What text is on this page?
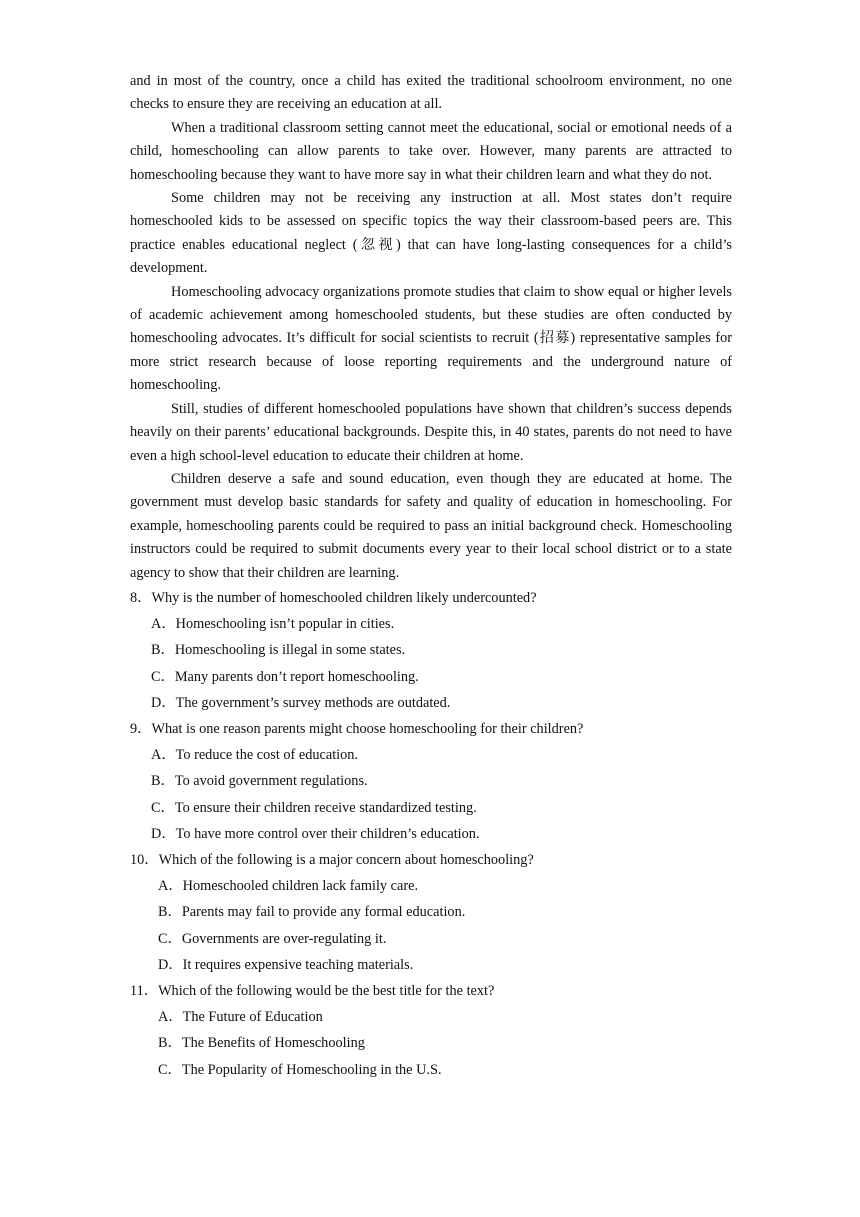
and in most of the country, once a child has exited the traditional schoolroom environment, no one checks to ensure they are receiving an education at all.

When a traditional classroom setting cannot meet the educational, social or emotional needs of a child, homeschooling can allow parents to take over. However, many parents are attracted to homeschooling because they want to have more say in what their children learn and what they do not.

Some children may not be receiving any instruction at all. Most states don’t require homeschooled kids to be assessed on specific topics the way their classroom-based peers are. This practice enables educational neglect (忽视) that can have long-lasting consequences for a child’s development.

Homeschooling advocacy organizations promote studies that claim to show equal or higher levels of academic achievement among homeschooled students, but these studies are often conducted by homeschooling advocates. It’s difficult for social scientists to recruit (招募) representative samples for more strict research because of loose reporting requirements and the underground nature of homeschooling.

Still, studies of different homeschooled populations have shown that children’s success depends heavily on their parents’ educational backgrounds. Despite this, in 40 states, parents do not need to have even a high school-level education to educate their children at home.

Children deserve a safe and sound education, even though they are educated at home. The government must develop basic standards for safety and quality of education in homeschooling. For example, homeschooling parents could be required to pass an initial background check. Homeschooling instructors could be required to submit documents every year to their local school district or to a state agency to show that their children are learning.

8．Why is the number of homeschooled children likely undercounted?

A．Homeschooling isn’t popular in cities.

B．Homeschooling is illegal in some states.

C．Many parents don’t report homeschooling.

D．The government’s survey methods are outdated.

9．What is one reason parents might choose homeschooling for their children?

A．To reduce the cost of education.

B．To avoid government regulations.

C．To ensure their children receive standardized testing.

D．To have more control over their children’s education.

10．Which of the following is a major concern about homeschooling?

A．Homeschooled children lack family care.

B．Parents may fail to provide any formal education.

C．Governments are over-regulating it.

D．It requires expensive teaching materials.

11．Which of the following would be the best title for the text?

A．The Future of Education

B．The Benefits of Homeschooling

C．The Popularity of Homeschooling in the U.S.
